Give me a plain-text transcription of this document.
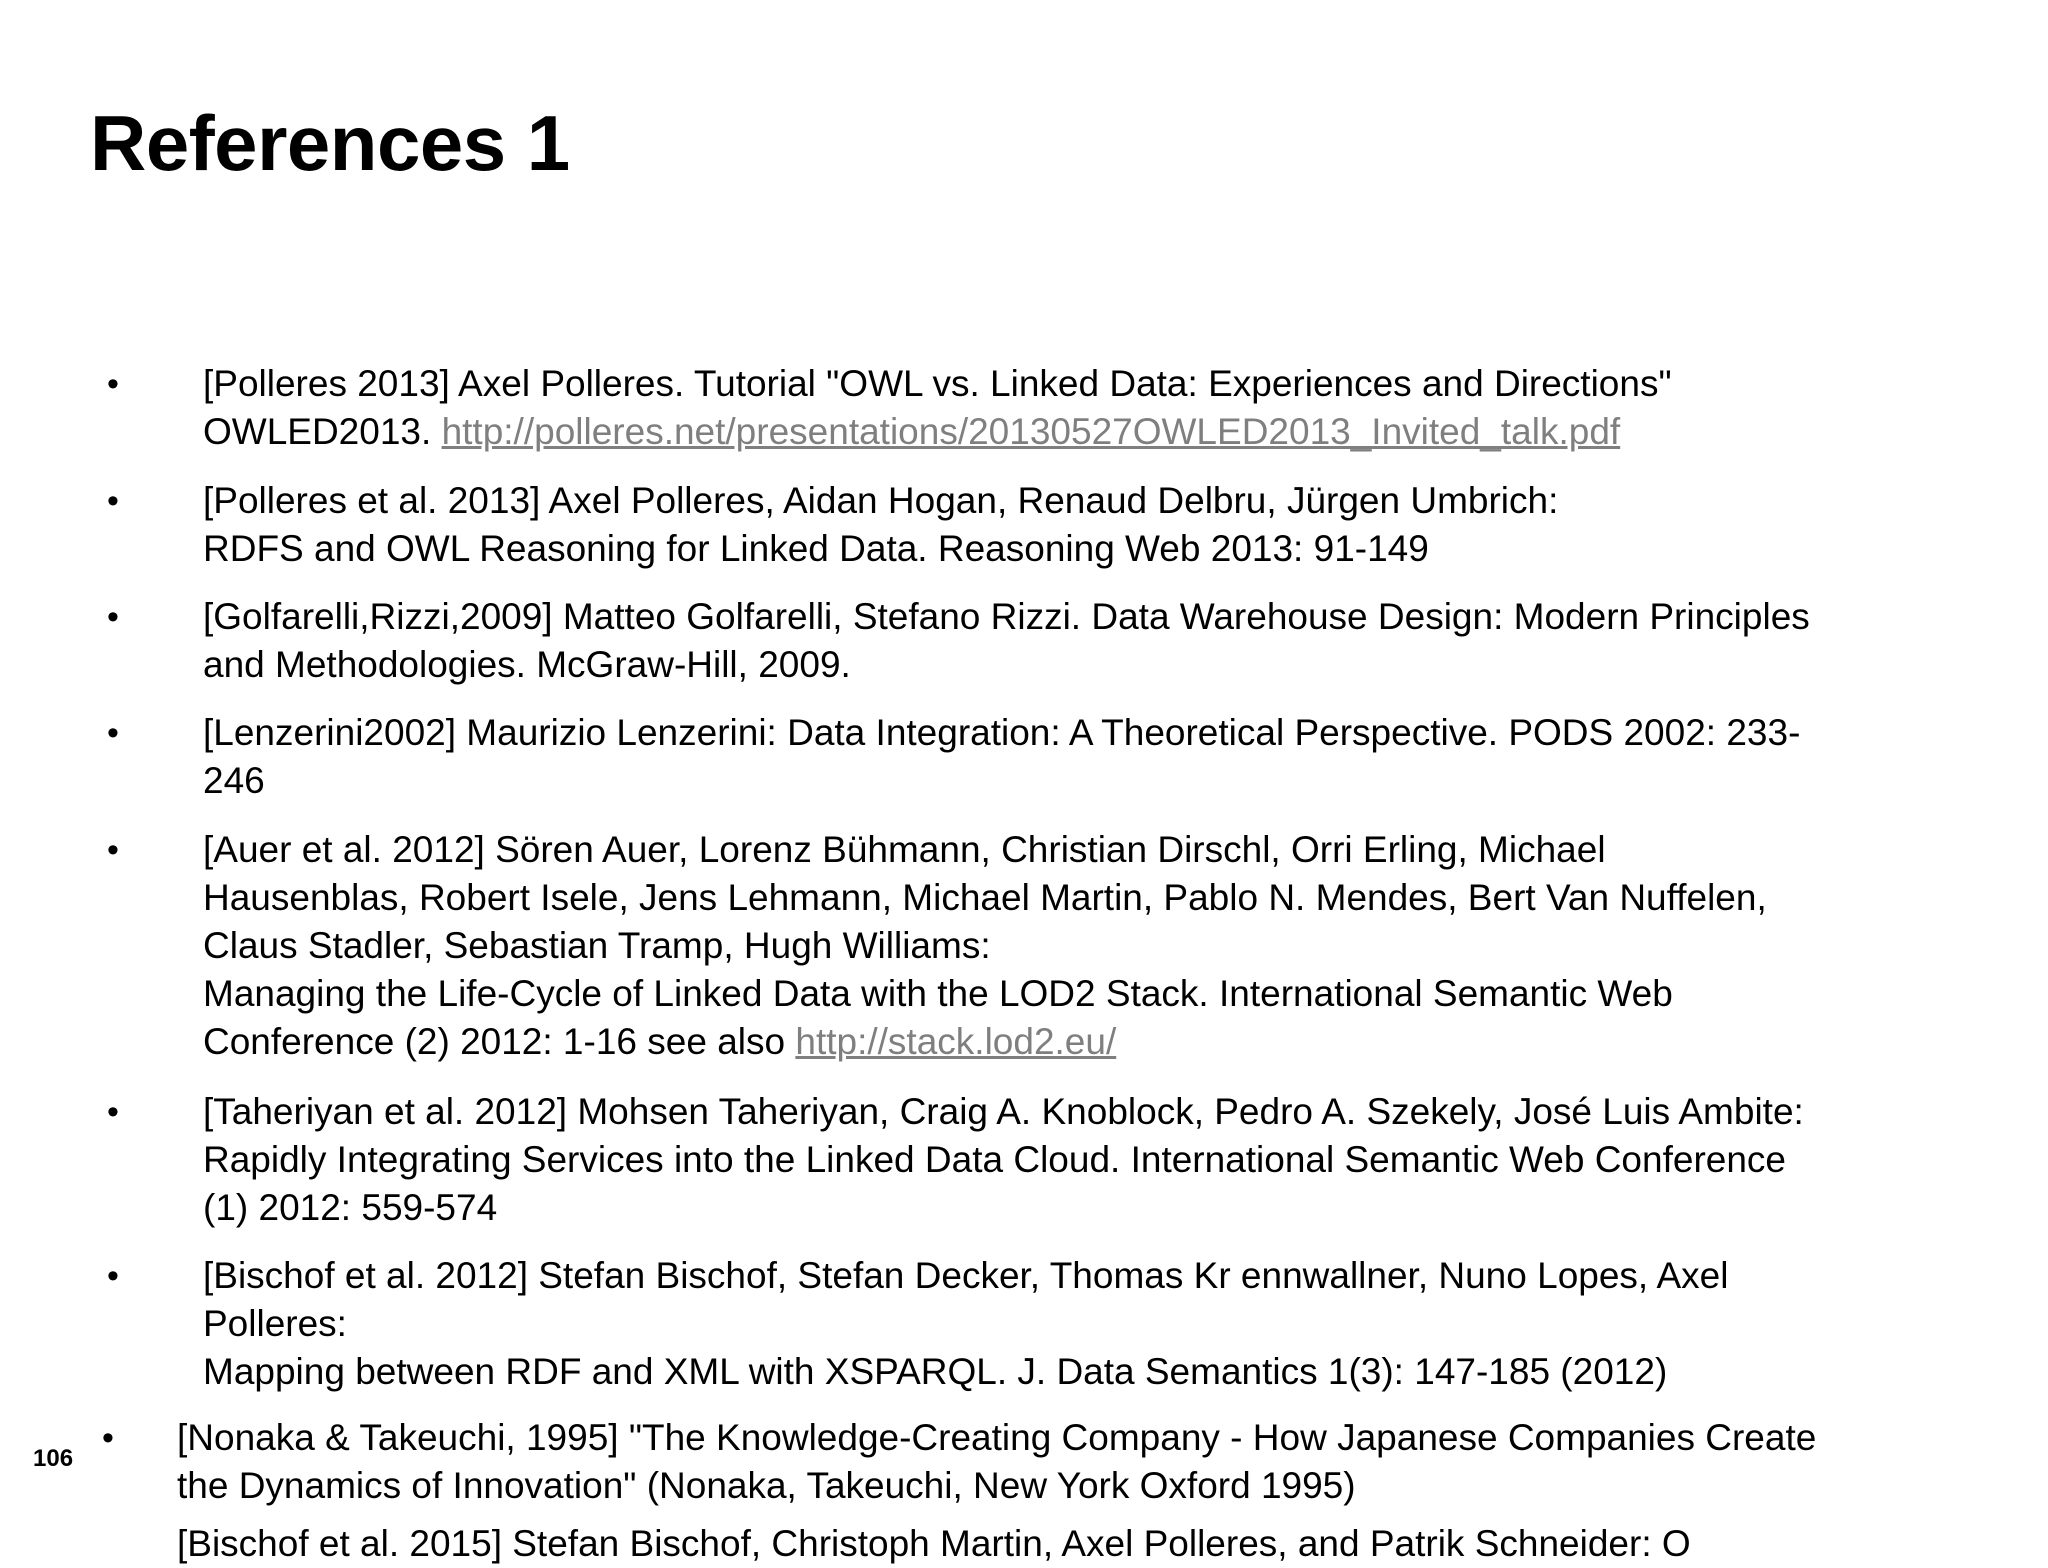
References 1
• [Polleres 2013] Axel Polleres. Tutorial "OWL vs. Linked Data: Experiences and Directions"
OWLED2013. http://polleres.net/presentations/20130527OWLED2013_Invited_talk.pdf
• [Polleres et al. 2013] Axel Polleres, Aidan Hogan, Renaud Delbru, Jürgen Umbrich:
RDFS and OWL Reasoning for Linked Data. Reasoning Web 2013: 91-149
• [Golfarelli,Rizzi,2009] Matteo Golfarelli, Stefano Rizzi. Data Warehouse Design: Modern Principles
and Methodologies. McGraw-Hill, 2009.
• [Lenzerini2002] Maurizio Lenzerini: Data Integration: A Theoretical Perspective. PODS 2002: 233-
246
• [Auer et al. 2012] Sören Auer, Lorenz Bühmann, Christian Dirschl, Orri Erling, Michael
Hausenblas, Robert Isele, Jens Lehmann, Michael Martin, Pablo N. Mendes, Bert Van Nuffelen,
Claus Stadler, Sebastian Tramp, Hugh Williams:
Managing the Life-Cycle of Linked Data with the LOD2 Stack. International Semantic Web
Conference (2) 2012: 1-16 see also http://stack.lod2.eu/
• [Taheriyan et al. 2012] Mohsen Taheriyan, Craig A. Knoblock, Pedro A. Szekely, José Luis Ambite:
Rapidly Integrating Services into the Linked Data Cloud. International Semantic Web Conference
(1) 2012: 559-574
• [Bischof et al. 2012] Stefan Bischof, Stefan Decker, Thomas Kr ennwallner, Nuno Lopes, Axel
Polleres:
Mapping between RDF and XML with XSPARQL. J. Data Semantics 1(3): 147-185 (2012)
• [Nonaka & Takeuchi, 1995] "The Knowledge-Creating Company - How Japanese Companies Create
the Dynamics of Innovation" (Nonaka, Takeuchi, New York Oxford 1995)
[Bischof et al. 2015] Stefan Bischof, Christoph Martin, Axel Polleres, and Patrik Schneider: O
106
